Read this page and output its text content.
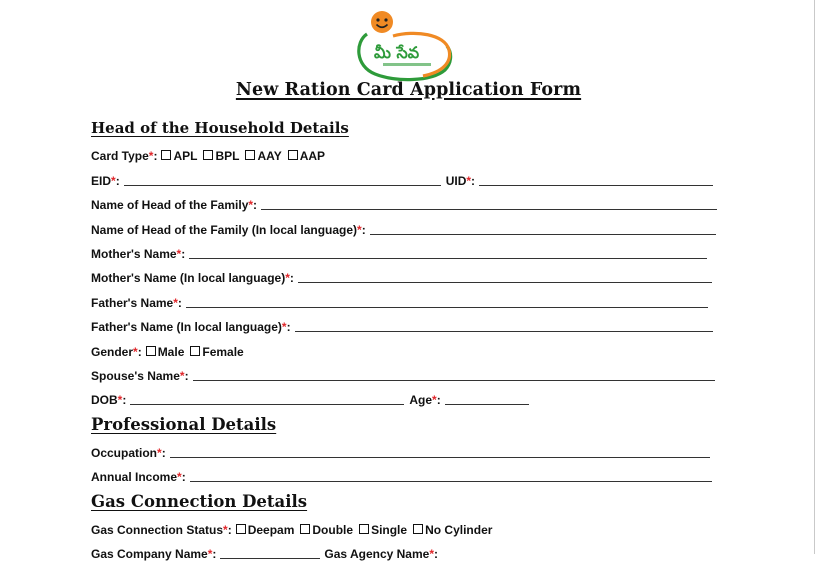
మీ సేవ
New Ration Card Application Form
Head of the Household Details
Card Type * : APL BPL AAY AAP
EID * :	UID * :
Name of Head of the Family * :
Name of Head of the Family (In local language) * :
Mother's Name * :
Mother's Name (In local language) * :
Father's Name * :
Father's Name (In local language) * :
Gender * : Male Female
Spouse's Name * :
DOB * :	Age * :
Professional Details
Occupation * :
Annual Income * :
Gas Connection Details
Gas Connection Status * : Deepam Double Single No Cylinder
Gas Company Name * :	Gas Agency Name * :
